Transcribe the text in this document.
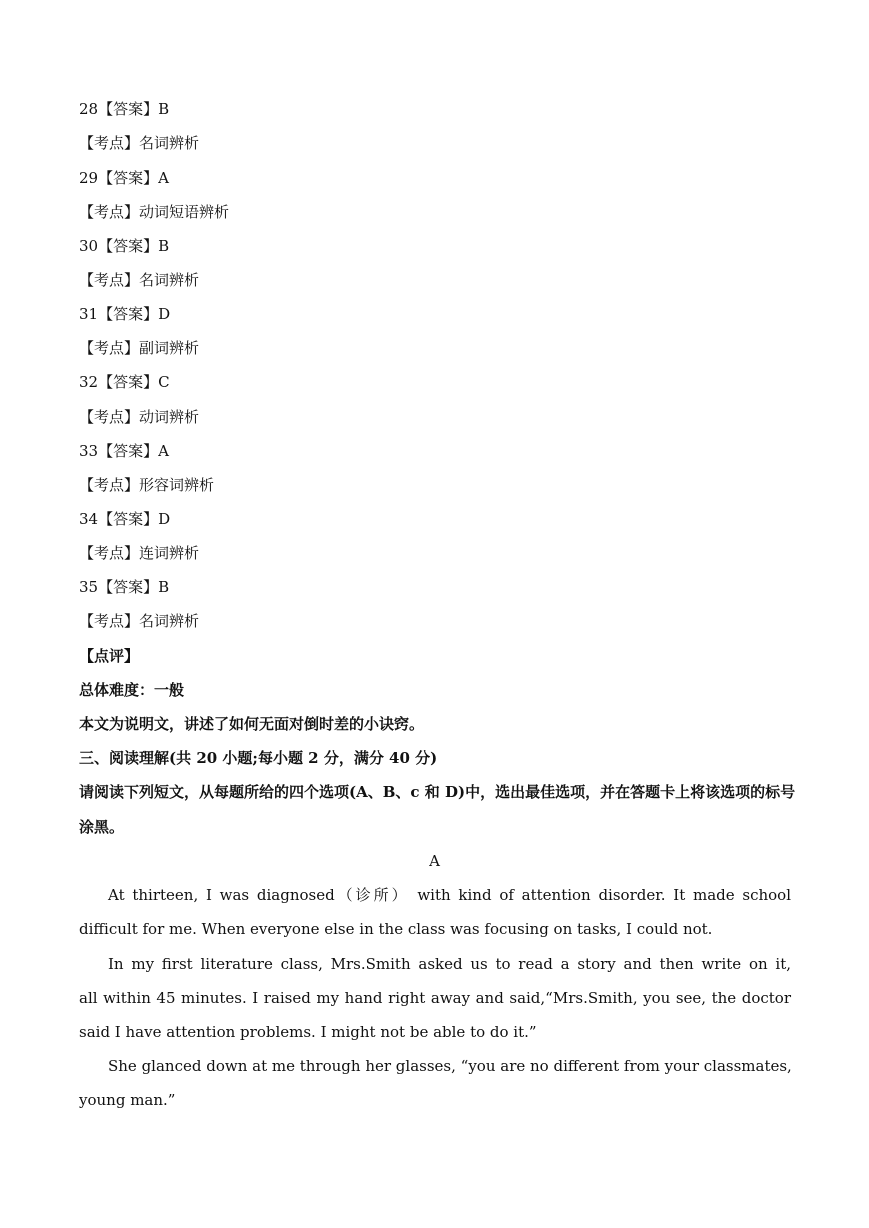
28【答案】B
【考点】名词辨析
29【答案】A
【考点】动词短语辨析
30【答案】B
【考点】名词辨析
31【答案】D
【考点】副词辨析
32【答案】C
【考点】动词辨析
33【答案】A
【考点】形容词辨析
34【答案】D
【考点】连词辨析
35【答案】B
【考点】名词辨析
【点评】
总体难度：一般
本文为说明文，讲述了如何无面对倒时差的小诀窍。
三、阅读理解(共 20 小题;每小题 2 分，满分 40 分)
请阅读下列短文，从每题所给的四个选项(A、B、c 和 D)中，选出最佳选项，并在答题卡上将该选项的标号
涂黑。
A
At thirteen, I was diagnosed（诊所） with kind of attention disorder. It made school
difficult for me. When everyone else in the class was focusing on tasks, I could not.
In my first literature class, Mrs.Smith asked us to read a story and then write on it,
all within 45 minutes. I raised my hand right away and said,“Mrs.Smith, you see, the doctor
said I have attention problems. I might not be able to do it.”
She glanced down at me through her glasses, “you are no different from your classmates,
young man.”
